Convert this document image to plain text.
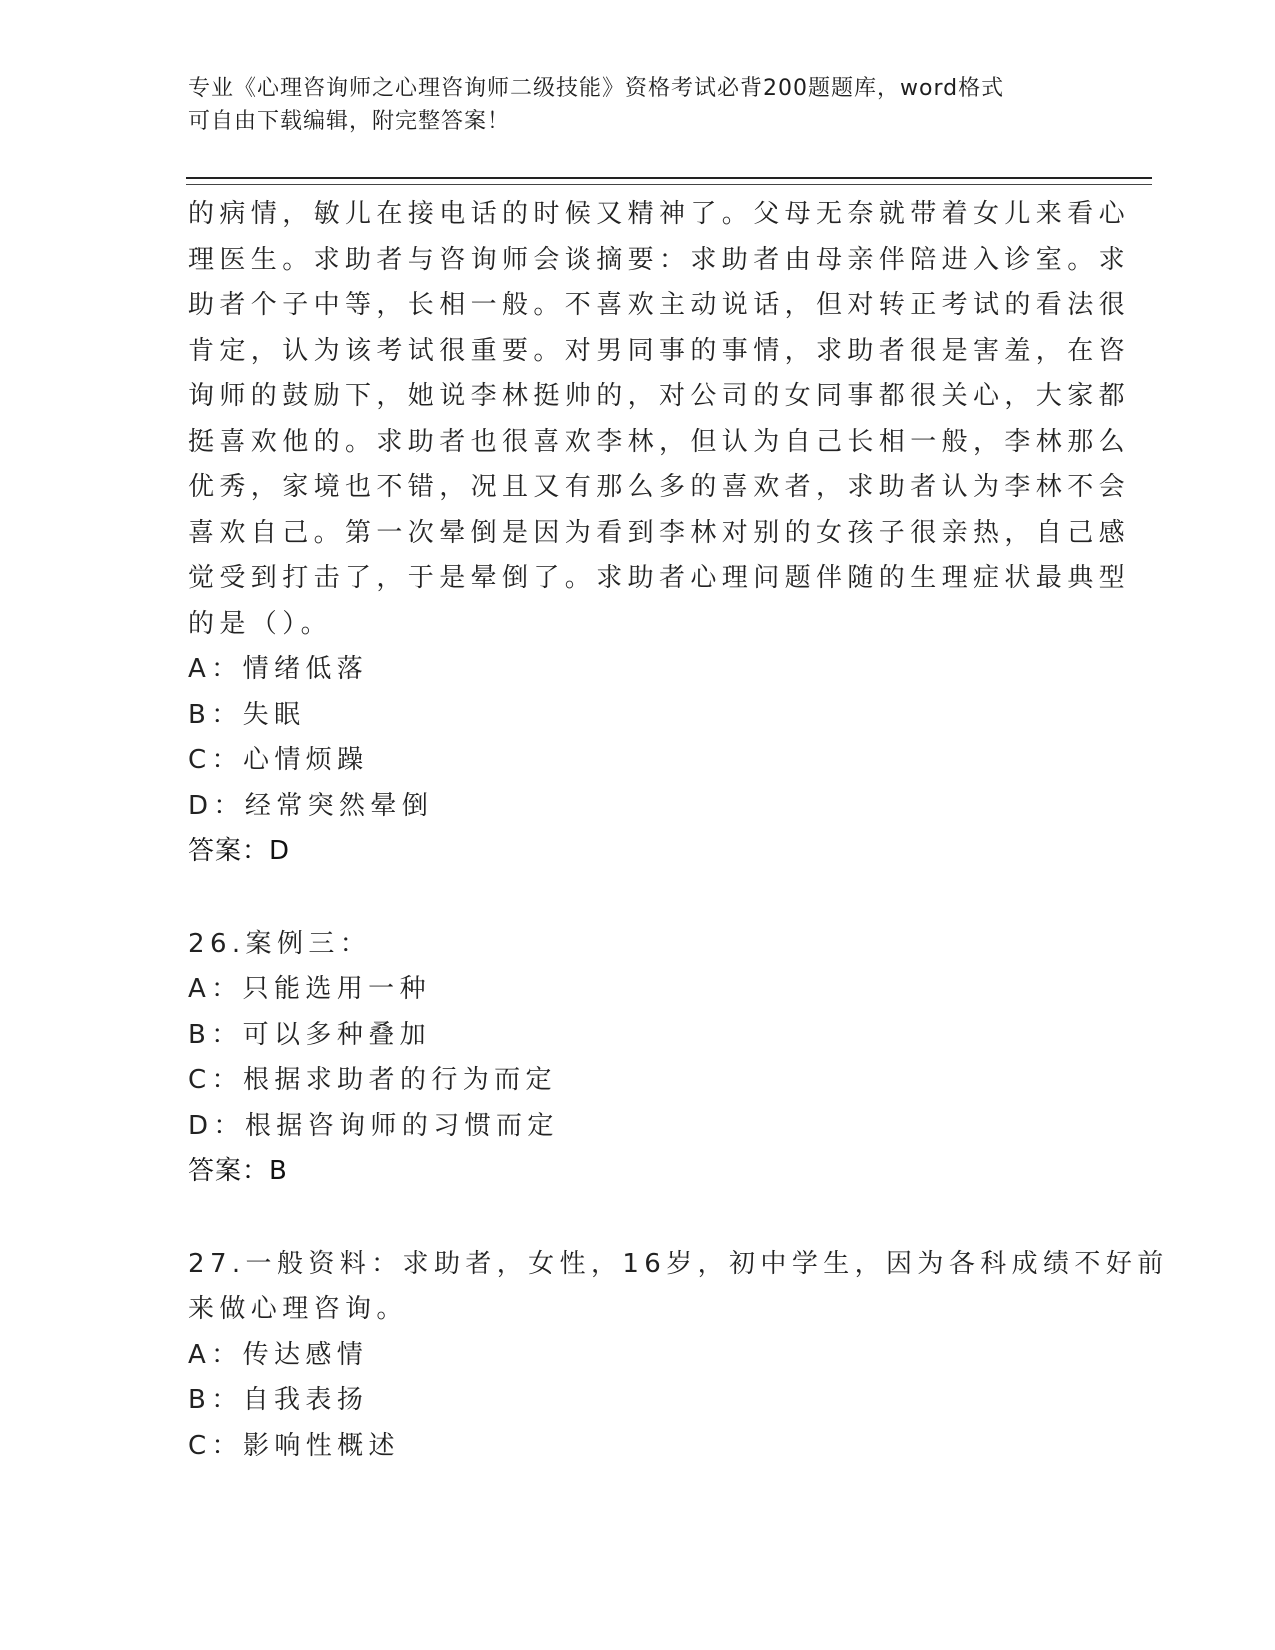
专业《心理咨询师之心理咨询师二级技能》资格考试必背200题题库，word格式
可自由下载编辑，附完整答案！
的病情，敏儿在接电话的时候又精神了。父母无奈就带着女儿来看心
理医生。求助者与咨询师会谈摘要：求助者由母亲伴陪进入诊室。求
助者个子中等，长相一般。不喜欢主动说话，但对转正考试的看法很
肯定，认为该考试很重要。对男同事的事情，求助者很是害羞，在咨
询师的鼓励下，她说李林挺帅的，对公司的女同事都很关心，大家都
挺喜欢他的。求助者也很喜欢李林，但认为自己长相一般，李林那么
优秀，家境也不错，况且又有那么多的喜欢者，求助者认为李林不会
喜欢自己。第一次晕倒是因为看到李林对别的女孩子很亲热，自己感
觉受到打击了，于是晕倒了。求助者心理问题伴随的生理症状最典型
的是（）。
A：情绪低落
B：失眠
C：心情烦躁
D：经常突然晕倒
答案：D
26.案例三：
A：只能选用一种
B：可以多种叠加
C：根据求助者的行为而定
D：根据咨询师的习惯而定
答案：B
27.一般资料：求助者，女性，16岁，初中学生，因为各科成绩不好前
来做心理咨询。
A：传达感情
B：自我表扬
C：影响性概述
